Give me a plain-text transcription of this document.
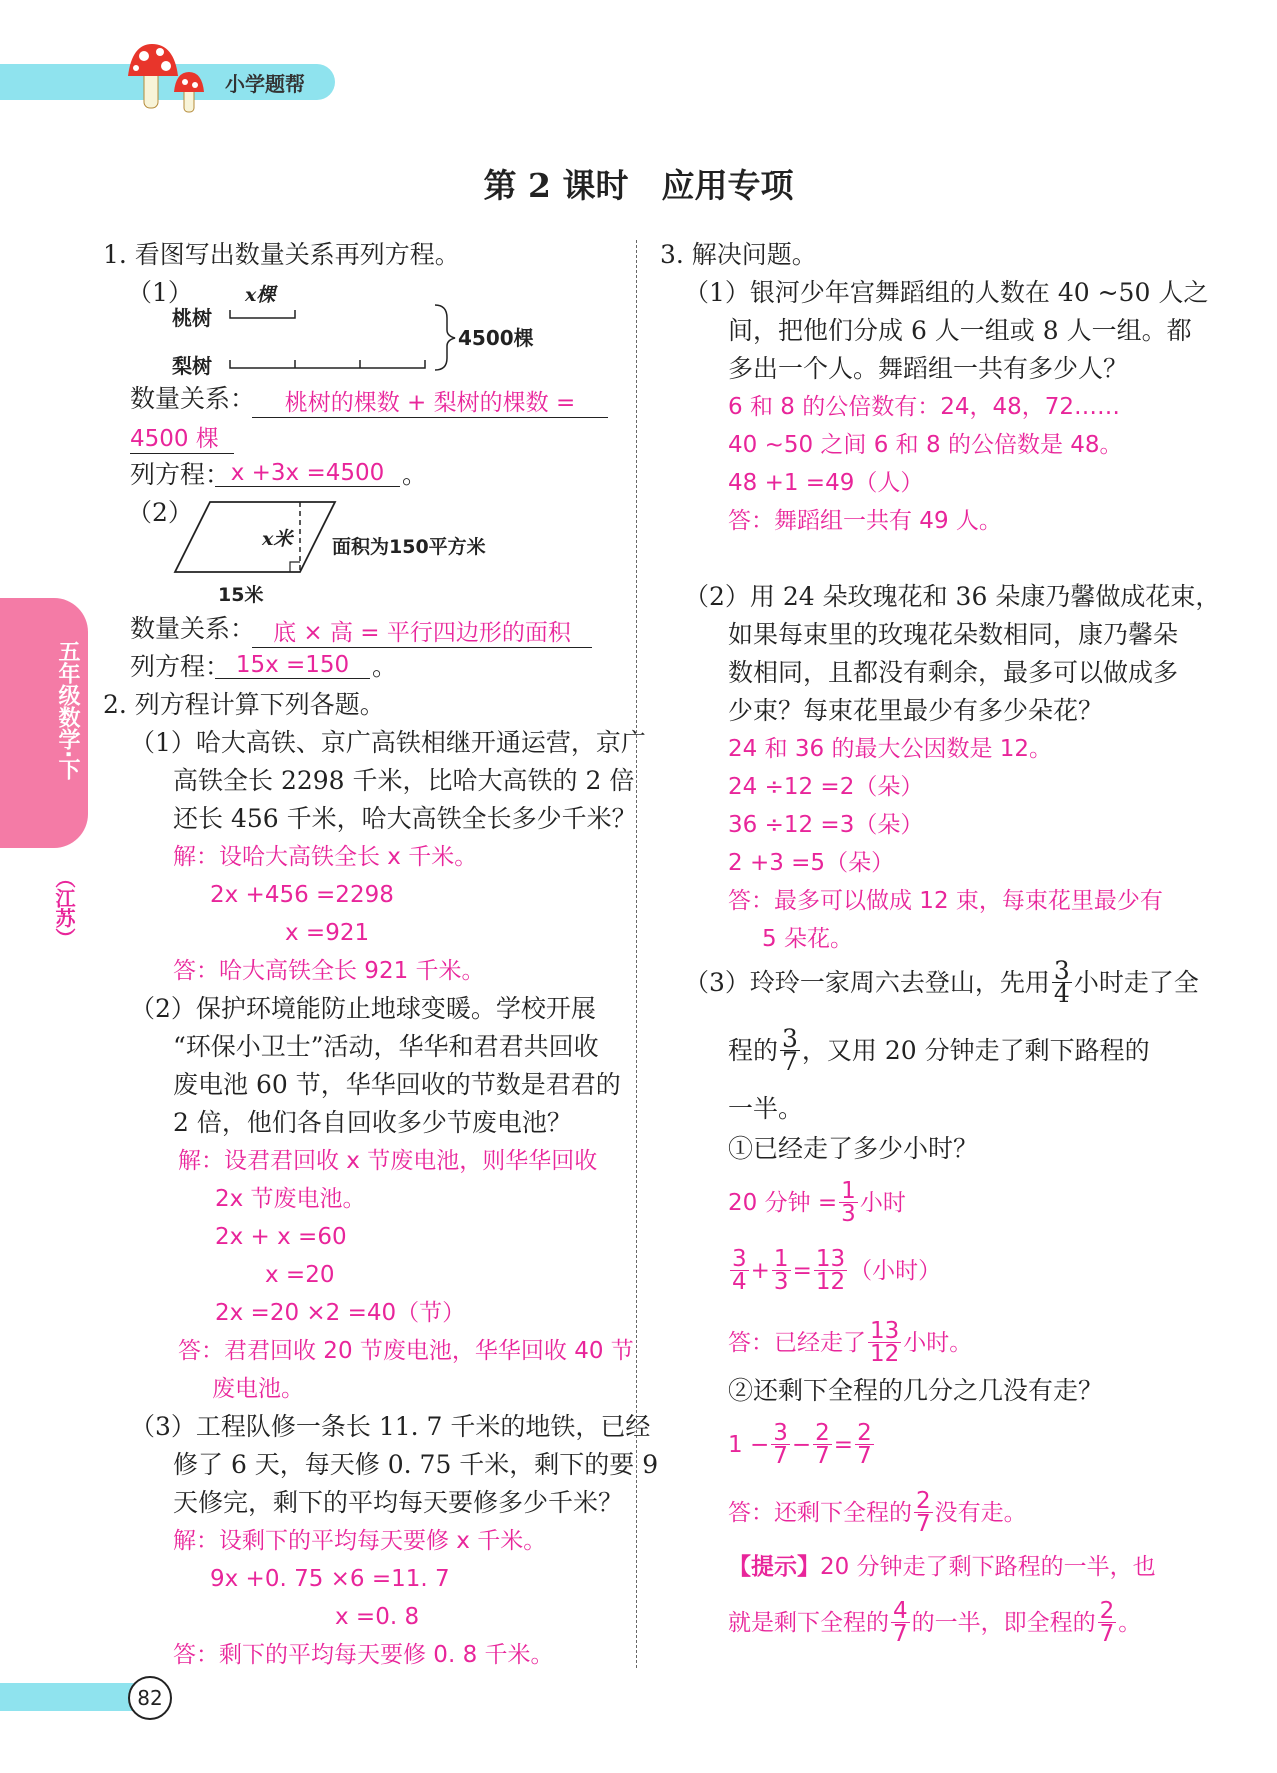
小学题帮
第 2 课时　应用专项
五年级数学·下
（江苏）
1. 看图写出数量关系再列方程。
（1）
桃树
梨树
x棵
4500棵
数量关系：	桃树的棵数 + 梨树的棵数 =
4500 棵
列方程： x +3x =4500 。
（2）
x米 面积为150平方米
15米
数量关系： 底 × 高 = 平行四边形的面积
列方程： 15x =150 。
2. 列方程计算下列各题。
（1）哈大高铁、京广高铁相继开通运营，京广
高铁全长 2298 千米，比哈大高铁的 2 倍
还长 456 千米，哈大高铁全长多少千米？
解：设哈大高铁全长 x 千米。
2x +456 =2298
x =921
答：哈大高铁全长 921 千米。
（2）保护环境能防止地球变暖。学校开展
“环保小卫士”活动，华华和君君共回收
废电池 60 节，华华回收的节数是君君的
2 倍，他们各自回收多少节废电池？
解：设君君回收 x 节废电池，则华华回收
2x 节废电池。
2x + x =60
x =20
2x =20 ×2 =40（节）
答：君君回收 20 节废电池，华华回收 40 节
废电池。
（3）工程队修一条长 11. 7 千米的地铁，已经
修了 6 天，每天修 0. 75 千米，剩下的要 9
天修完，剩下的平均每天要修多少千米？
解：设剩下的平均每天要修 x 千米。
9x +0. 75 ×6 =11. 7
x =0. 8
答：剩下的平均每天要修 0. 8 千米。
3. 解决问题。
（1）银河少年宫舞蹈组的人数在 40 ~50 人之
间，把他们分成 6 人一组或 8 人一组。都
多出一个人。舞蹈组一共有多少人？
6 和 8 的公倍数有：24，48，72……
40 ~50 之间 6 和 8 的公倍数是 48。
48 +1 =49（人）
答：舞蹈组一共有 49 人。
（2）用 24 朵玫瑰花和 36 朵康乃馨做成花束，
如果每束里的玫瑰花朵数相同，康乃馨朵
数相同，且都没有剩余，最多可以做成多
少束？每束花里最少有多少朵花？
24 和 36 的最大公因数是 12。
24 ÷12 =2（朵）
36 ÷12 =3（朵）
2 +3 =5（朵）
答：最多可以做成 12 束，每束花里最少有
5 朵花。
（3）玲玲一家周六去登山，先用 $\frac{3}{4}$ 小时走了全
程的 $\frac{3}{7}$ ，又用 20 分钟走了剩下路程的
一半。
①已经走了多少小时？
20 分钟 = $\frac{1}{3}$ 小时
$\frac{3}{4} + \frac{1}{3} = \frac{13}{12}$ （小时）
答：已经走了 $\frac{13}{12}$ 小时。
②还剩下全程的几分之几没有走？
$1 - \frac{3}{7} - \frac{2}{7} = \frac{2}{7}$
答：还剩下全程的 $\frac{2}{7}$ 没有走。
【提示】20 分钟走了剩下路程的一半，也
就是剩下全程的 $\frac{4}{7}$ 的一半，即全程的 $\frac{2}{7}$ 。
82
